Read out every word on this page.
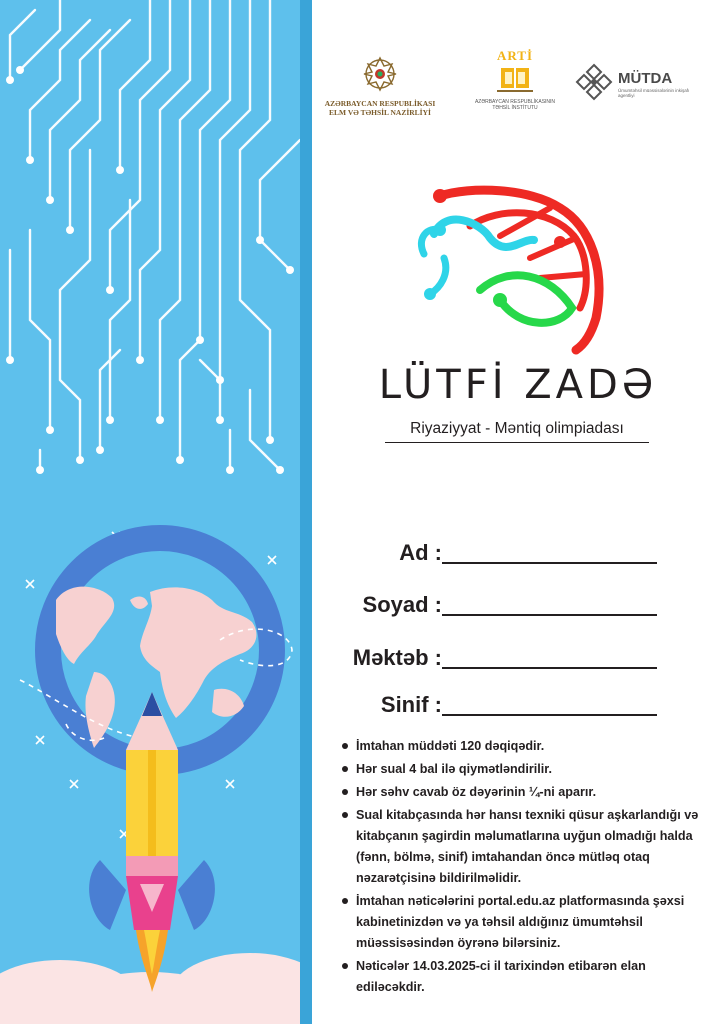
AZƏRBAYCAN RESPUBLİKASI
ELM VƏ TƏHSİL NAZİRLİYİ
ARTİ
AZƏRBAYCAN RESPUBLİKASININ
TƏHSİL İNSTİTUTU
MÜTDA
Ümumtəhsil müəssisələrinin inkişafı agentliyi
LÜTFİ ZADƏ
Riyaziyyat - Məntiq olimpiadası
Ad :
Soyad :
Məktəb :
Sinif :
İmtahan müddəti 120 dəqiqədir.
Hər sual 4 bal ilə qiymətləndirilir.
Hər səhv cavab öz dəyərinin ¼-ni aparır.
Sual kitabçasında hər hansı texniki qüsur aşkarlandığı və kitabçanın şagirdin məlumatlarına uyğun olmadığı halda (fənn, bölmə, sinif) imtahandan öncə mütləq otaq nəzarətçisinə bildirilməlidir.
İmtahan nəticələrini portal.edu.az platformasında şəxsi kabinetinizdən və ya təhsil aldığınız ümumtəhsil müəssisəsindən öyrənə bilərsiniz.
Nəticələr 14.03.2025-ci il tarixindən etibarən elan ediləcəkdir.
